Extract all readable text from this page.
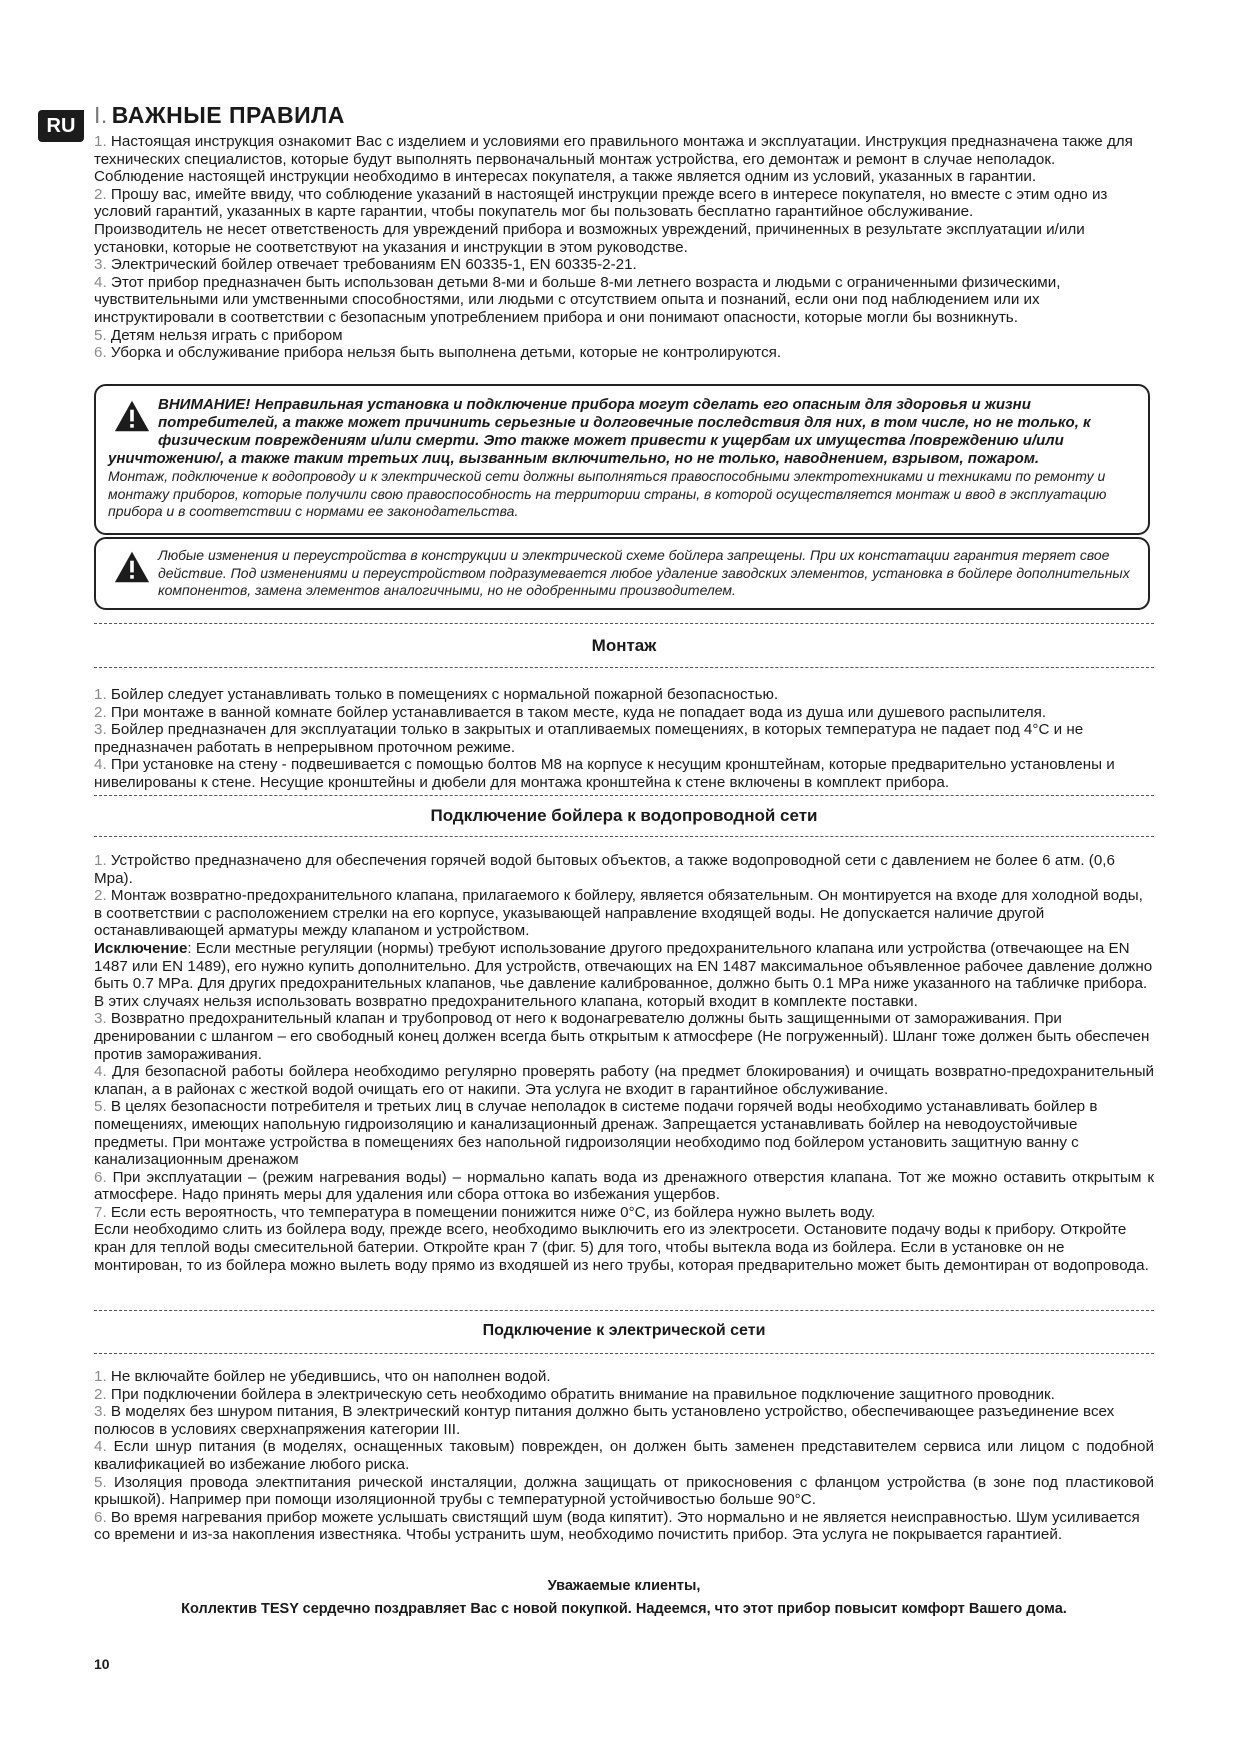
RU I. ВАЖНЫЕ ПРАВИЛА

1. Настоящая инструкция ознакомит Вас с изделием и условиями его правильного монтажа и эксплуатации. Инструкция предназначена также для технических специалистов, которые будут выполнять первоначальный монтаж устройства, его демонтаж и ремонт в случае неполадок.

Соблюдение настоящей инструкции необходимо в интересах покупателя, а также является одним из условий, указанных в гарантии.

2. Прошу вас, имейте ввиду, что соблюдение указаний в настоящей инструкции прежде всего в интересе покупателя, но вместе с этим одно из условий гарантий, указанных в карте гарантии, чтобы покупатель мог бы пользовать бесплатно гарантийное обслуживание.

Производитель не несет ответственость для увреждений прибора и возможных увреждений, причиненных в результате эксплуатации и/или установки, которые не соответствуют на указания и инструкции в этом руководстве.

3. Электрический бойлер отвечает требованиям EN 60335-1, EN 60335-2-21.

4. Этот прибор предназначен быть использован детьми 8-ми и больше 8-ми летнего возраста и людьми с ограниченными физическими, чувствительными или умственными способностями, или людьми с отсутствием опыта и познаний, если они под наблюдением или их инструктировали в соответствии с безопасным употреблением прибора и они понимают опасности, которые могли бы возникнуть.

5. Детям нельзя играть с прибором

6. Уборка и обслуживание прибора нельзя быть выполнена детьми, которые не контролируются.

ВНИМАНИЕ! Неправильная установка и подключение прибора могут сделать его опасным для здоровья и жизни потребителей, а также может причинить серьезные и долговечные последствия для них, в том числе, но не только, к физическим повреждениям и/или смерти. Это также может привести к ущербам их имущества /повреждению и/или уничтожению/, а также таким третьих лиц, вызванным включительно, но не только, наводнением, взрывом, пожаром.

Монтаж, подключение к водопроводу и к электрической сети должны выполняться правоспособными электротехниками и техниками по ремонту и монтажу приборов, которые получили свою правоспособность на территории страны, в которой осуществляется монтаж и ввод в эксплуатацию прибора и в соответствии с нормами ее законодательства.

Любые изменения и переустройства в конструкции и электрической схеме бойлера запрещены. При их констатации гарантия теряет свое действие. Под изменениями и переустройством подразумевается любое удаление заводских элементов, установка в бойлере дополнительных компонентов, замена элементов аналогичными, но не одобренными производителем.

Монтаж

1. Бойлер следует устанавливать только в помещениях с нормальной пожарной безопасностью.

2. При монтаже в ванной комнате бойлер устанавливается в таком месте, куда не попадает вода из душа или душевого распылителя.

3. Бойлер предназначен для эксплуатации только в закрытых и отапливаемых помещениях, в которых температура не падает под 4°C и не предназначен работать в непрерывном проточном режиме.

4. При установке на стену - подвешивается с помощью болтов М8 на корпусе к несущим кронштейнам, которые предварительно установлены и нивелированы к стене. Несущие кронштейны и дюбели для монтажа кронштейна к стене включены в комплект прибора.

Подключение бойлера к водопроводной сети

1. Устройство предназначено для обеспечения горячей водой бытовых объектов, а также водопроводной сети с давлением не более 6 атм. (0,6 Mpa).

2. Монтаж возвратно-предохранительного клапана, прилагаемого к бойлеру, является обязательным. Он монтируется на входе для холодной воды, в соответствии с расположением стрелки на его корпусе, указывающей направление входящей воды. Не допускается наличие другой останавливающей арматуры между клапаном и устройством.

Исключение: Если местные регуляции (нормы) требуют использование другого предохранительного клапана или устройства (отвечающее на EN 1487 или EN 1489), его нужно купить дополнительно. Для устройств, отвечающих на EN 1487 максимальное объявленное рабочее давление должно быть 0.7 MPa. Для других предохранительных клапанов, чье давление калиброванное, должно быть 0.1 MPa ниже указанного на табличке прибора. В этих случаях нельзя использовать возвратно предохранительного клапана, который входит в комплекте поставки.

3. Возвратно предохранительный клапан и трубопровод от него к водонагревателю должны быть защищенными от замораживания. При дренировании с шлангом – его свободный конец должен всегда быть открытым к атмосфере (Не погруженный). Шланг тоже должен быть обеспечен против замораживания.

4. Для безопасной работы бойлера необходимо регулярно проверять работу (на предмет блокирования) и очищать возвратно-предохранительный клапан, а в районах с жесткой водой очищать его от накипи. Эта услуга не входит в гарантийное обслуживание.

5. В целях безопасности потребителя и третьих лиц в случае неполадок в системе подачи горячей воды необходимо устанавливать бойлер в помещениях, имеющих напольную гидроизоляцию и канализационный дренаж. Запрещается устанавливать бойлер на неводоустойчивые предметы. При монтаже устройства в помещениях без напольной гидроизоляции необходимо под бойлером установить защитную ванну с канализационным дренажом

6. При эксплуатации – (режим нагревания воды) – нормально капать вода из дренажного отверстия клапана. Тот же можно оставить открытым к атмосфере. Надо принять меры для удаления или сбора оттока во избежания ущербов.

7. Если есть вероятность, что температура в помещении понижится ниже 0°C, из бойлера нужно вылеть воду.

Если необходимо слить из бойлера воду, прежде всего, необходимо выключить его из электросети. Остановите подачу воды к прибору. Откройте кран для теплой воды смесительной батерии. Откройте кран 7 (фиг. 5) для того, чтобы вытекла вода из бойлера. Если в установке он не монтирован, то из бойлера можно вылеть воду прямо из входяшей из него трубы, которая предварительно может быть демонтиран от водопровода.

Подключение к электрической сети

1. Не включайте бойлер не убедившись, что он наполнен водой.

2. При подключении бойлера в электрическую сеть необходимо обратить внимание на правильное подключение защитного проводник.

3. В моделях без шнуром питания, В электрический контур питания должно быть установлено устройство, обеспечивающее разъединение всех полюсов в условиях сверхнапряжения категории III.

4. Если шнур питания (в моделях, оснащенных таковым) поврежден, он должен быть заменен представителем сервиса или лицом с подобной квалификацией во избежание любого риска.

5. Изоляция провода электпитания рической инсталяции, должна защищать от прикосновения с фланцом устройства (в зоне под пластиковой крышкой). Например при помощи изоляционной трубы с температурной устойчивостью больше 90°C.

6. Во время нагревания прибор можете услышать свистящий шум (вода кипятит). Это нормально и не является неисправностью. Шум усиливается со времени и из-за накопления известняка. Чтобы устранить шум, необходимо почистить прибор. Эта услуга не покрывается гарантией.

Уважаемые клиенты,
Коллектив TESY сердечно поздравляет Вас с новой покупкой. Надеемся, что этот прибор повысит комфорт Вашего дома.
10
